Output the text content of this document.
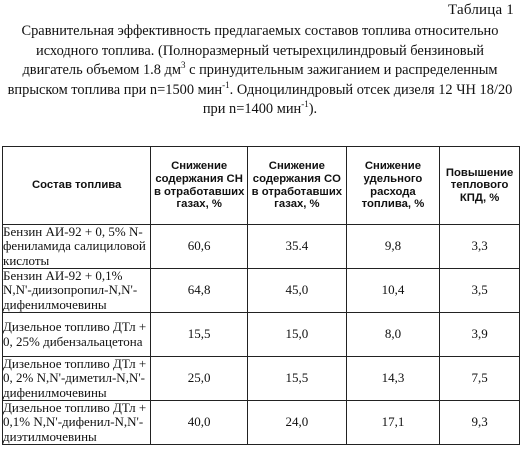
Таблица 1
Сравнительная эффективность предлагаемых составов топлива относительно исходного топлива. (Полноразмерный четырехцилиндровый бензиновый двигатель объемом 1.8 $дм^3$ с принудительным зажиганием и распределенным впрыском топлива при n=1500 мин$^{-1}$. Одноцилиндровый отсек дизеля 12 ЧН 18/20 при n=1400 мин$^{-1}$).
Состав топлива	Снижение содержания CH в отработавших газах, %	Снижение содержания CO в отработавших газах, %	Снижение удельного расхода топлива, %	Повышение теплового КПД, %
Бензин АИ-92 + 0, 5% N-фениламида салициловой кислоты	60,6	35.4	9,8	3,3
Бензин АИ-92 + 0,1% N,N'-диизопропил-N,N'-дифенилмочевины	64,8	45,0	10,4	3,5
Дизельное топливо ДТл + 0, 25% дибензальацетона	15,5	15,0	8,0	3,9
Дизельное топливо ДТл + 0, 2% N,N'-диметил-N,N'-дифенилмочевины	25,0	15,5	14,3	7,5
Дизельное топливо ДТл + 0,1% N,N'-дифенил-N,N'-диэтилмочевины	40,0	24,0	17,1	9,3
